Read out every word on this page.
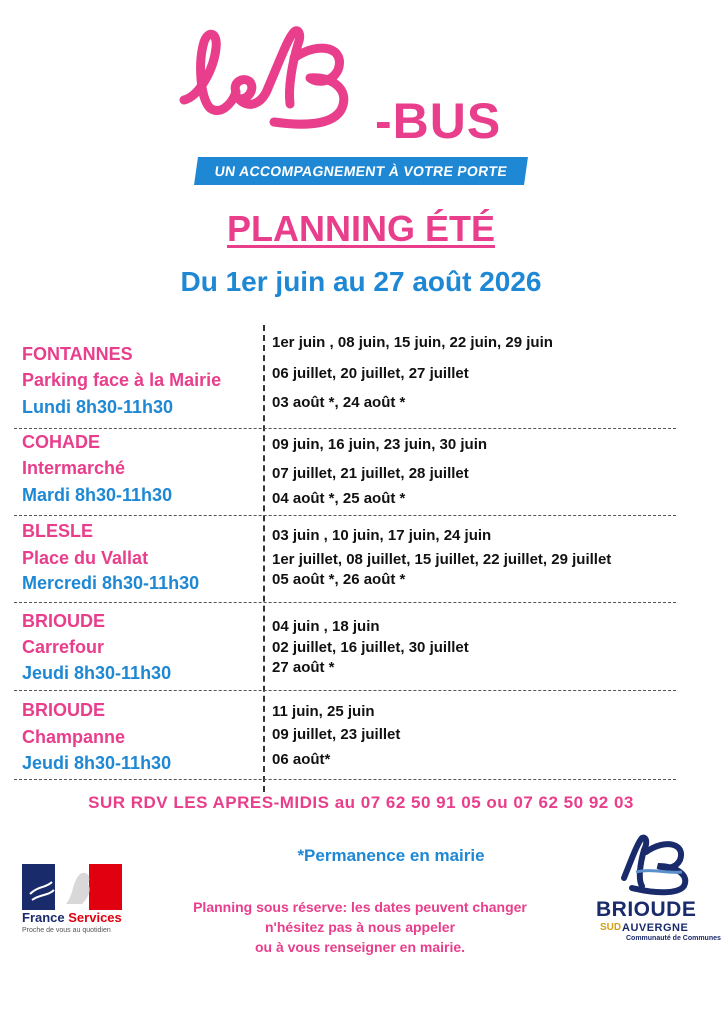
-BUS
UN ACCOMPAGNEMENT À VOTRE PORTE
PLANNING ÉTÉ
Du 1er juin au 27 août 2026
FONTANNES
Parking face à la Mairie
Lundi 8h30-11h30
1er juin , 08 juin, 15 juin, 22 juin, 29 juin
06 juillet, 20 juillet, 27 juillet
03 août *, 24 août *
COHADE
Intermarché
Mardi 8h30-11h30
09 juin, 16 juin, 23 juin, 30 juin
07 juillet, 21 juillet, 28 juillet
04 août *, 25 août *
BLESLE
Place du Vallat
Mercredi 8h30-11h30
03 juin , 10 juin, 17 juin, 24 juin
1er juillet, 08 juillet, 15 juillet, 22 juillet, 29 juillet
05 août *, 26 août *
BRIOUDE
Carrefour
Jeudi 8h30-11h30
04 juin , 18 juin
02 juillet, 16 juillet, 30 juillet
27 août *
BRIOUDE
Champanne
Jeudi 8h30-11h30
11 juin, 25 juin
09 juillet, 23 juillet
06 août*
SUR RDV LES APRES-MIDIS au 07 62 50 91 05 ou 07 62 50 92 03
*Permanence en mairie
Planning sous réserve: les dates peuvent changer
n'hésitez pas à nous appeler
ou à vous renseigner en mairie.
France Services
Proche de vous au quotidien
BRIOUDE
SUD AUVERGNE
Communauté de Communes
